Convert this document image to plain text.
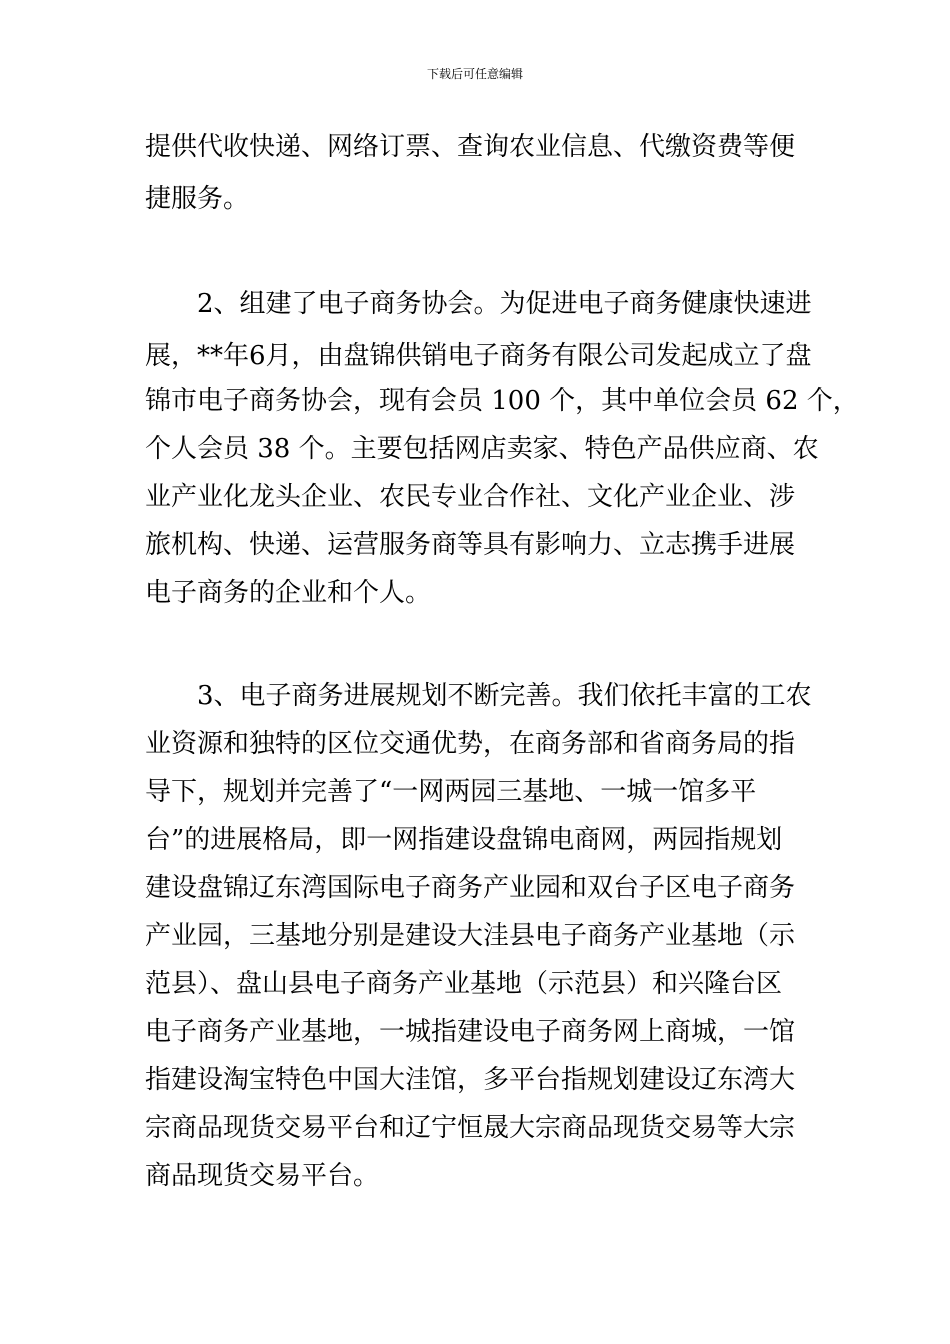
下载后可任意编辑
提供代收快递、网络订票、查询农业信息、代缴资费等便
捷服务。
　　2、组建了电子商务协会。为促进电子商务健康快速进
展，**年6月，由盘锦供销电子商务有限公司发起成立了盘
锦市电子商务协会，现有会员 100 个，其中单位会员 62 个，
个人会员 38 个。主要包括网店卖家、特色产品供应商、农
业产业化龙头企业、农民专业合作社、文化产业企业、涉
旅机构、快递、运营服务商等具有影响力、立志携手进展
电子商务的企业和个人。
　　3、电子商务进展规划不断完善。我们依托丰富的工农
业资源和独特的区位交通优势，在商务部和省商务局的指
导下，规划并完善了“一网两园三基地、一城一馆多平
台”的进展格局，即一网指建设盘锦电商网，两园指规划
建设盘锦辽东湾国际电子商务产业园和双台子区电子商务
产业园，三基地分别是建设大洼县电子商务产业基地（示
范县）、盘山县电子商务产业基地（示范县）和兴隆台区
电子商务产业基地，一城指建设电子商务网上商城，一馆
指建设淘宝特色中国大洼馆，多平台指规划建设辽东湾大
宗商品现货交易平台和辽宁恒晟大宗商品现货交易等大宗
商品现货交易平台。
